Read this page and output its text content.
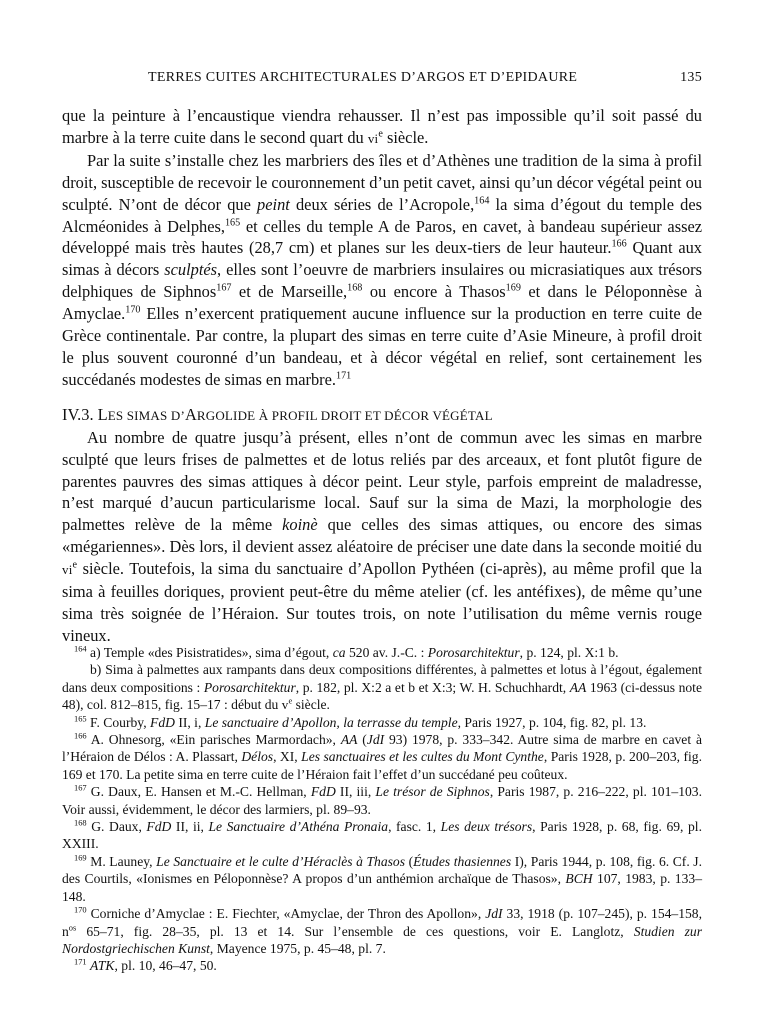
TERRES CUITES ARCHITECTURALES D’ARGOS ET D’EPIDAURE	135

que la peinture à l’encaustique viendra rehausser. Il n’est pas impossible qu’il soit passé du marbre à la terre cuite dans le second quart du $vi^e$ siècle.

Par la suite s’installe chez les marbriers des îles et d’Athènes une tradition de la sima à profil droit, susceptible de recevoir le couronnement d’un petit cavet, ainsi qu’un décor végétal peint ou sculpté. N’ont de décor que peint deux séries de l’Acropole,$^{164}$ la sima d’égout du temple des Alcméonides à Delphes,$^{165}$ et celles du temple A de Paros, en cavet, à bandeau supérieur assez développé mais très hautes (28,7 cm) et planes sur les deux-tiers de leur hauteur.$^{166}$ Quant aux simas à décors sculptés, elles sont l’oeuvre de marbriers insulaires ou micrasiatiques aux trésors delphiques de Siphnos$^{167}$ et de Marseille,$^{168}$ ou encore à Thasos$^{169}$ et dans le Péloponnèse à Amyclae.$^{170}$ Elles n’exercent pratiquement aucune influence sur la production en terre cuite de Grèce continentale. Par contre, la plupart des simas en terre cuite d’Asie Mineure, à profil droit le plus souvent couronné d’un bandeau, et à décor végétal en relief, sont certainement les succédanés modestes de simas en marbre.$^{171}$

IV.3. LES SIMAS D’ARGOLIDE À PROFIL DROIT ET DÉCOR VÉGÉTAL

Au nombre de quatre jusqu’à présent, elles n’ont de commun avec les simas en marbre sculpté que leurs frises de palmettes et de lotus reliés par des arceaux, et font plutôt figure de parentes pauvres des simas attiques à décor peint. Leur style, parfois empreint de maladresse, n’est marqué d’aucun particularisme local. Sauf sur la sima de Mazi, la morphologie des palmettes relève de la même koinè que celles des simas attiques, ou encore des simas «mégariennes». Dès lors, il devient assez aléatoire de préciser une date dans la seconde moitié du $vi^e$ siècle. Toutefois, la sima du sanctuaire d’Apollon Pythéen (ci-après), au même profil que la sima à feuilles doriques, provient peut-être du même atelier (cf. les antéfixes), de même qu’une sima très soignée de l’Héraion. Sur toutes trois, on note l’utilisation du même vernis rouge vineux.

$^{164}$ a) Temple «des Pisistratides», sima d’égout, ca 520 av. J.-C. : Porosarchitektur, p. 124, pl. X:1 b.

b) Sima à palmettes aux rampants dans deux compositions différentes, à palmettes et lotus à l’égout, également dans deux compositions : Porosarchitektur, p. 182, pl. X:2 a et b et X:3; W. H. Schuchhardt, AA 1963 (ci-dessus note 48), col. 812–815, fig. 15–17 : début du $v^e$ siècle.

$^{165}$ F. Courby, FdD II, i, Le sanctuaire d’Apollon, la terrasse du temple, Paris 1927, p. 104, fig. 82, pl. 13.

$^{166}$ A. Ohnesorg, «Ein parisches Marmordach», AA (JdI 93) 1978, p. 333–342. Autre sima de marbre en cavet à l’Héraion de Délos : A. Plassart, Délos, XI, Les sanctuaires et les cultes du Mont Cynthe, Paris 1928, p. 200–203, fig. 169 et 170. La petite sima en terre cuite de l’Héraion fait l’effet d’un succédané peu coûteux.

$^{167}$ G. Daux, E. Hansen et M.-C. Hellman, FdD II, iii, Le trésor de Siphnos, Paris 1987, p. 216–222, pl. 101–103. Voir aussi, évidemment, le décor des larmiers, pl. 89–93.

$^{168}$ G. Daux, FdD II, ii, Le Sanctuaire d’Athéna Pronaia, fasc. 1, Les deux trésors, Paris 1928, p. 68, fig. 69, pl. XXIII.

$^{169}$ M. Launey, Le Sanctuaire et le culte d’Héraclès à Thasos (Études thasiennes I), Paris 1944, p. 108, fig. 6. Cf. J. des Courtils, «Ionismes en Péloponnèse? A propos d’un anthémion archaïque de Thasos», BCH 107, 1983, p. 133–148.

$^{170}$ Corniche d’Amyclae : E. Fiechter, «Amyclae, der Thron des Apollon», JdI 33, 1918 (p. 107–245), p. 154–158, $n^{os}$ 65–71, fig. 28–35, pl. 13 et 14. Sur l’ensemble de ces questions, voir E. Langlotz, Studien zur Nordostgriechischen Kunst, Mayence 1975, p. 45–48, pl. 7.

$^{171}$ ATK, pl. 10, 46–47, 50.
